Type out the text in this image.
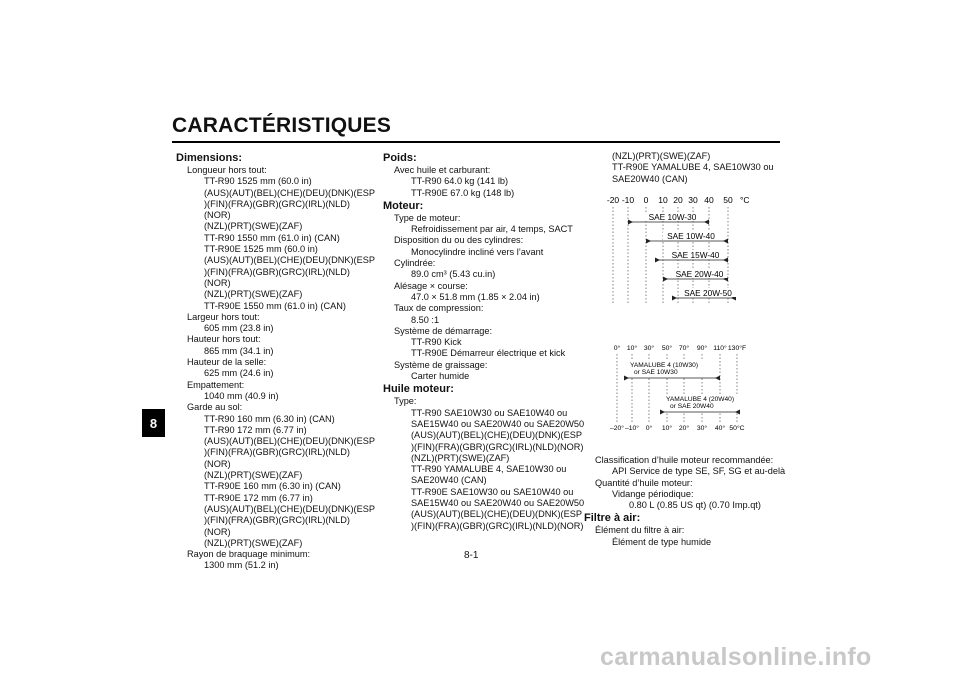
CARACTÉRISTIQUES
8
Dimensions:
Longueur hors tout:
TT-R90 1525 mm (60.0 in)
(AUS)(AUT)(BEL)(CHE)(DEU)(DNK)(ESP
)(FIN)(FRA)(GBR)(GRC)(IRL)(NLD)(NOR)
(NZL)(PRT)(SWE)(ZAF)
TT-R90 1550 mm (61.0 in) (CAN)
TT-R90E 1525 mm (60.0 in)
(AUS)(AUT)(BEL)(CHE)(DEU)(DNK)(ESP
)(FIN)(FRA)(GBR)(GRC)(IRL)(NLD)(NOR)
(NZL)(PRT)(SWE)(ZAF)
TT-R90E 1550 mm (61.0 in) (CAN)
Largeur hors tout:
605 mm (23.8 in)
Hauteur hors tout:
865 mm (34.1 in)
Hauteur de la selle:
625 mm (24.6 in)
Empattement:
1040 mm (40.9 in)
Garde au sol:
TT-R90 160 mm (6.30 in) (CAN)
TT-R90 172 mm (6.77 in)
(AUS)(AUT)(BEL)(CHE)(DEU)(DNK)(ESP
)(FIN)(FRA)(GBR)(GRC)(IRL)(NLD)(NOR)
(NZL)(PRT)(SWE)(ZAF)
TT-R90E 160 mm (6.30 in) (CAN)
TT-R90E 172 mm (6.77 in)
(AUS)(AUT)(BEL)(CHE)(DEU)(DNK)(ESP
)(FIN)(FRA)(GBR)(GRC)(IRL)(NLD)(NOR)
(NZL)(PRT)(SWE)(ZAF)
Rayon de braquage minimum:
1300 mm (51.2 in)
Poids:
Avec huile et carburant:
TT-R90 64.0 kg (141 lb)
TT-R90E 67.0 kg (148 lb)
Moteur:
Type de moteur:
Refroidissement par air, 4 temps, SACT
Disposition du ou des cylindres:
Monocylindre incliné vers l’avant
Cylindrée:
89.0 cm³ (5.43 cu.in)
Alésage × course:
47.0 × 51.8 mm (1.85 × 2.04 in)
Taux de compression:
8.50 :1
Système de démarrage:
TT-R90 Kick
TT-R90E Démarreur électrique et kick
Système de graissage:
Carter humide
Huile moteur:
Type:
TT-R90 SAE10W30 ou SAE10W40 ou
SAE15W40 ou SAE20W40 ou SAE20W50
(AUS)(AUT)(BEL)(CHE)(DEU)(DNK)(ESP
)(FIN)(FRA)(GBR)(GRC)(IRL)(NLD)(NOR)
(NZL)(PRT)(SWE)(ZAF)
TT-R90 YAMALUBE 4, SAE10W30 ou
SAE20W40 (CAN)
TT-R90E SAE10W30 ou SAE10W40 ou
SAE15W40 ou SAE20W40 ou SAE20W50
(AUS)(AUT)(BEL)(CHE)(DEU)(DNK)(ESP
)(FIN)(FRA)(GBR)(GRC)(IRL)(NLD)(NOR)
(NZL)(PRT)(SWE)(ZAF)
TT-R90E YAMALUBE 4, SAE10W30 ou
SAE20W40 (CAN)
-20 -10 0 10 20 30 40 50 °C
SAE 10W-30
SAE 10W-40
SAE 15W-40
SAE 20W-40
SAE 20W-50
0° 10° 30° 50° 70° 90° 110° 130°F
–20° –10° 0° 10° 20° 30° 40° 50°C
YAMALUBE 4 (10W30)
or SAE 10W30
YAMALUBE 4 (20W40)
or SAE 20W40
Classification d’huile moteur recommandée:
API Service de type SE, SF, SG et au-delà
Quantité d’huile moteur:
Vidange périodique:
0.80 L (0.85 US qt) (0.70 Imp.qt)
Filtre à air:
Élément du filtre à air:
Élément de type humide
8-1
carmanualsonline.info
